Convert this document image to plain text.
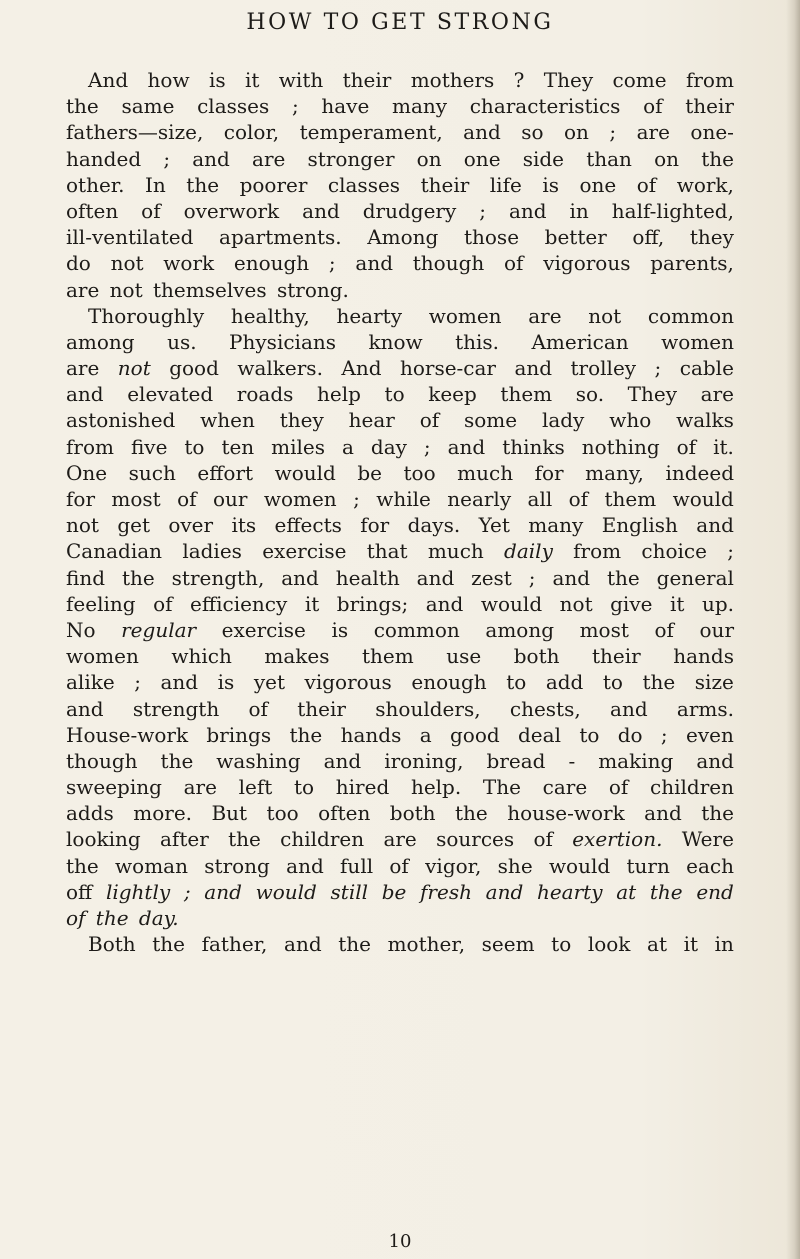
HOW TO GET STRONG
And how is it with their mothers ? They come from
the same classes ; have many characteristics of their
fathers—size, color, temperament, and so on ; are one-
handed ; and are stronger on one side than on the
other. In the poorer classes their life is one of work,
often of overwork and drudgery ; and in half-lighted,
ill-ventilated apartments. Among those better off, they
do not work enough ; and though of vigorous parents,
are not themselves strong.
Thoroughly healthy, hearty women are not common
among us. Physicians know this. American women
are not good walkers. And horse-car and trolley ; cable
and elevated roads help to keep them so. They are
astonished when they hear of some lady who walks
from five to ten miles a day ; and thinks nothing of it.
One such effort would be too much for many, indeed
for most of our women ; while nearly all of them would
not get over its effects for days. Yet many English and
Canadian ladies exercise that much daily from choice ;
find the strength, and health and zest ; and the general
feeling of efficiency it brings; and would not give it up.
No regular exercise is common among most of our
women which makes them use both their hands
alike ; and is yet vigorous enough to add to the size
and strength of their shoulders, chests, and arms.
House-work brings the hands a good deal to do ; even
though the washing and ironing, bread - making and
sweeping are left to hired help. The care of children
adds more. But too often both the house-work and the
looking after the children are sources of exertion. Were
the woman strong and full of vigor, she would turn each
off lightly ; and would still be fresh and hearty at the end
of the day.
Both the father, and the mother, seem to look at it in
10
